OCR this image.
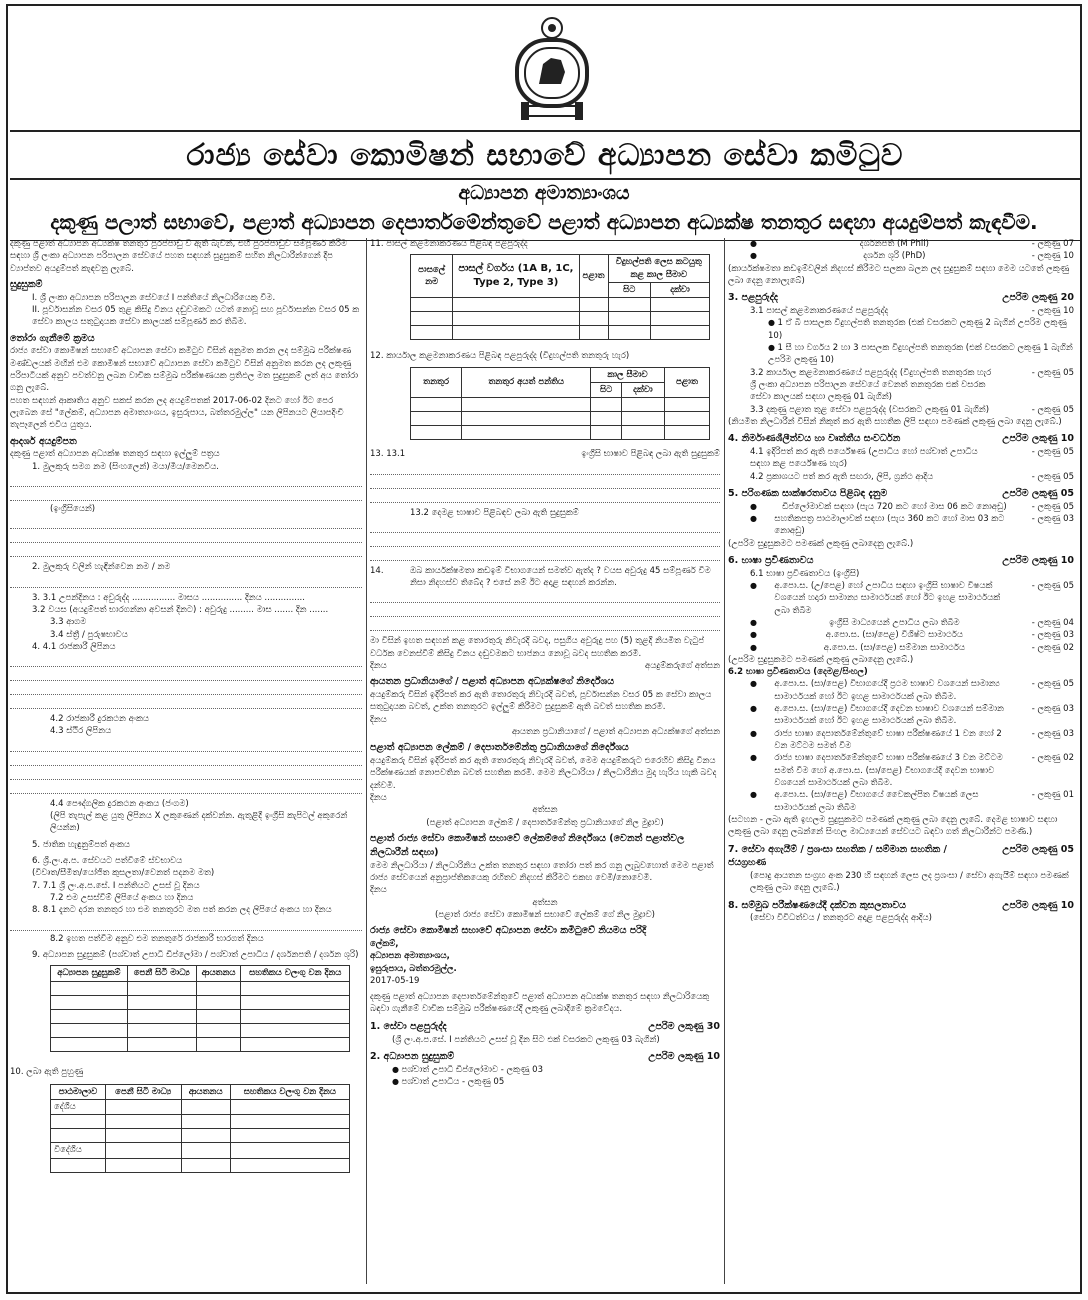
රාජ්‍ය සේවා කොමිෂන් සභාවේ අධ්‍යාපන සේවා කමිටුව
අධ්‍යාපන අමාත්‍යාංශය
දකුණු පලාත් සභාවේ, පළාත් අධ්‍යාපන දෙපාර්තමේන්තුවේ පළාත් අධ්‍යාපන අධ්‍යක්ෂ තනතුර සඳහා අයදුම්පත් කැඳවීම.
දකුණු පළාත් අධ්‍යාපන අධ්‍යක්ෂ තනතුර පුරප්පාඩු වී ඇති බැවින්, එහි පුරප්පාඩුව සම්පූර්ණ කිරීම සඳහා ශ්‍රී ලංකා අධ්‍යාපන පරිපාලන සේවයේ පහත සඳහන් සුදුසුකම් සහිත නිලධාරීන්ගෙන් දීප ව්‍යාප්තව අයදුම්පත් කැඳවනු ලැබේ.
සුදුසුකම්
I. ශ්‍රී ලංකා අධ්‍යාපන පරිපාලන සේවයේ I පන්තියේ නිලධාරියෙකු වීම.
II. පූර්වාසන්න වසර 05 තුළ කිසිදු විනය දඬුවමකට යටත් නොවූ සහ පූර්වාසන්න වසර 05 ක සේවා කාලය සතුටුදායක සේවා කාලයක් සම්පූර්ණ කර තිබීම.
තෝරා ගැනීමේ ක්‍රමය
රාජ්‍ය සේවා කොමිෂන් සභාවේ අධ්‍යාපන සේවා කමිටුව විසින් අනුමත කරන ලද සම්මුඛ පරීක්ෂණ මණ්ඩලයක් මඟින් එම කොමිෂන් සභාවේ අධ්‍යාපන සේවා කමිටුව විසින් අනුමත කරන ලද ලකුණු පරිපාටියක් අනුව පවත්වනු ලබන වාචික සම්මුඛ පරීක්ෂණයක ප්‍රතිඵල මත සුදුසුකම් ලත් අය තෝරා ගනු ලැබේ.
පහත සඳහන් ආකෘතිය අනුව සකස් කරන ලද අයදුම්පතක් 2017-06-02 දිනට හෝ ඊට පෙර ලැබෙන සේ "ලේකම්, අධ්‍යාපන අමාත්‍යාංශය, ඉසුරුපාය, බත්තරමුල්ල" යන ලිපිනයට ලියාපදිංචි තැපෑලෙන් එවිය යුතුය.
ආදර්ශ අයදුම්පත
දකුණු පළාත් අධ්‍යාපන අධ්‍යක්ෂ තනතුර සඳහා ඉල්ලුම් පත්‍රය
1. මුලකුරු සමග නම (සිංහලෙන්) මයා/මිය/මෙනවිය.
(ඉංග්‍රීසියෙන්)
2. මුලකුරු වලින් හැඳින්වෙන නම / නම
3. 3.1 උපන්දිනය : අවුරුද්ද ................ මාසය ............... දිනය ...............
3.2 වයස (අයදුම්පත් භාරගන්නා අවසන් දිනට) : අවුරුදු ......... මාස ....... දින .......
3.3 ආගම
3.4 ස්ත්‍රී / පුරුෂභාවය
4. 4.1 රාජකාරී ලිපිනය
4.2 රාජකාරී දුරකථන අංකය
4.3 ස්ථිර ලිපිනය
4.4 පෞද්ගලික දුරකථන අංකය (ජංගම)
(ලිපි තැපැල් කළ යුතු ලිපිනය X ලකුණෙන් දක්වන්න. ඇතුළිදී ඉංග්‍රීසි කැපිටල් අකුරෙන් ලියන්න)
5. ජාතික හැඳුනුම්පත් අංකය
6. ශ්‍රී.ලං.අ.ප. සේවයට පත්වීමේ ස්වභාවය
(විවෘත/සීමිත/යෝජිත කුසලතා/වෙනත් පදනම මත)
7. 7.1 ශ්‍රී ලං.අ.ප.සේ. I පන්තියට උසස් වූ දිනය
7.2 එම උසස්වීම් ලිපියේ අංකය හා දිනය
8. 8.1 දැනට දරන තනතුර හා එම තනතුරට මත පත් කරන ලද ලිපියේ අංකය හා දිනය
8.2 ඉහත පත්වීම අනුව එම තනතුරේ රාජකාරී භාරගත් දිනය
9. අධ්‍යාපන සුදුසුකම් (පශ්චාත් උපාධි ඩිප්ලෝමා / පශ්චාත් උපාධිය / දර්ශනපති / දර්ශන ශූරි)
අධ්‍යාපන සුදුසුකම්	පෙනී සිටි මාධ්‍ය	ආයතනය	සහතිකය වලංගු වන දිනය

10. ලබා ඇති පුහුණු
පාඨමාලාව	පෙනී සිටි මාධ්‍ය	ආයතනය	සහතිකය වලංගු වන දිනය
දේශීය			

විදේශීය			

11. පාසල් කළමනාකරණය පිළිබඳ පළපුරුද්ද
පාසලේ නම	පාසල් වර්ගය (1A B, 1C, Type 2, Type 3)	පළාත	විදුහල්පති ලෙස කටයුතු කළ කාල සීමාව	
			සිට	දක්වා

12. කාර්යාල කළමනාකරණය පිළිබඳ පළපුරුද්ද (විදුහල්පති තනතුරු හැර)
තනතුර	තනතුර අයත් පන්තිය	කාල සීමාව		පළාත
		සිට	දක්වා	

13. 13.1	ඉංග්‍රීසි භාෂාව පිළිබඳ ලබා ඇති සුදුසුකම්
13.2 දෙමළ භාෂාව පිළිබඳව ලබා ඇති සුදුසුකම්
14.	ඔබ කාර්යක්ෂමතා කඩඉම් විභාගයෙන් සමත්ව ඇත්ද ? වයස අවුරුදු 45 සම්පූර්ණ වීම නිසා නිදහස්ව තිබේද ? එසේ නම් ඊට අදාළ සඳහන් කරන්න.
මා විසින් ඉහත සඳහන් කළ තොරතුරු නිවැරදි බවද, පසුගිය අවුරුදු පහ (5) තුළදී නියමිත වැටුප් වර්ධක වෙනස්වීම් කිසිදු විනය දඬුවමකට භාජනය නොවූ බවද සහතික කරමි.
දිනය	අයදුම්කරුගේ අත්සන
ආයතන ප්‍රධානියාගේ / පළාත් අධ්‍යාපන අධ්‍යක්ෂගේ නිර්දේශය
අයදුම්කරු විසින් ඉදිරිපත් කර ඇති තොරතුරු නිවැරදි බවත්, පූර්වාසන්න වසර 05 ක සේවා කාලය සතුටුදායක බවත්, උක්ත තනතුරට ඉල්ලුම් කිරීමට සුදුසුකම් ඇති බවත් සහතික කරමි.
දිනය
ආයතන ප්‍රධානියාගේ / පළාත් අධ්‍යාපන අධ්‍යක්ෂගේ අත්සන
පළාත් අධ්‍යාපන ලේකම් / දෙපාර්තමේන්තු ප්‍රධානියාගේ නිර්දේශය
අයදුම්කරු විසින් ඉදිරිපත් කර ඇති තොරතුරු නිවැරදි බවත්, මෙම අයදුම්කරුට එරෙහිව කිසිදු විනය පරීක්ෂණයක් නොපවතින බවත් සහතික කරමි. මෙම නිලධාරියා / නිලධාරිනිය මුදා හැරිය හැකි බවද දන්වමි.
දිනය
අත්සන
(පළාත් අධ්‍යාපන ලේකම් / දෙපාර්තමේන්තු ප්‍රධානියාගේ නිල මුද්‍රාව)
පළාත් රාජ්‍ය සේවා කොමිෂන් සභාවේ ලේකම්ගේ නිර්දේශය (වෙනත් පළාත්වල නිලධාරීන් සඳහා)
මෙම නිලධාරියා / නිලධාරිනිය උක්ත තනතුර සඳහා තෝරා පත් කර ගනු ලැබුවහොත් මෙම පළාත් රාජ්‍ය සේවයෙන් අනුප්‍රාප්තිකයෙකු රහිතව නිදහස් කිරීමට එකඟ වෙමි/නොවෙමි.
දිනය
අත්සන
(පළාත් රාජ්‍ය සේවා කොමිෂන් සභාවේ ලේකම් ගේ නිල මුද්‍රාව)
රාජ්‍ය සේවා කොමිෂන් සභාවේ අධ්‍යාපන සේවා කමිටුවේ නියමය පරිදි
ලේකම්,
අධ්‍යාපන අමාත්‍යාංශය,
ඉසුරුපාය, බත්තරමුල්ල.
2017-05-19
දකුණු පළාත් අධ්‍යාපන දෙපාර්තමේන්තුවේ පළාත් අධ්‍යාපන අධ්‍යක්ෂ තනතුර සඳහා නිලධාරියෙකු බඳවා ගැනීමේ වාචික සම්මුඛ පරීක්ෂණයේදී ලකුණු ලබාදීමේ ක්‍රමවේදය.
1. සේවා පළපුරුද්ද	උපරිම ලකුණු 30
(ශ්‍රී ලං.අ.ප.සේ. I පන්තියට උසස් වූ දින සිට එක් වසරකට ලකුණු 03 බැගින්)
2. අධ්‍යාපන සුදුසුකම්	උපරිම ලකුණු 10
● පශ්චාත් උපාධි ඩිප්ලෝමාව - ලකුණු 03
● පශ්චාත් උපාධිය - ලකුණු 05
● දර්ශනපති (M Phil)	- ලකුණු 07
● දර්ශන ශූරි (PhD)	- ලකුණු 10
(කාර්යක්ෂමතා කඩඉම්වලින් නිදහස් කිරීමට සලකා බලන ලද සුදුසුකම් සඳහා මෙම යටතේ ලකුණු ලබා දෙනු නොලැබේ)
3. පළපුරුද්ද	උපරිම ලකුණු 20
3.1 පාසල් කළමනාකරණයේ පළපුරුද්ද	- ලකුණු 10
● 1 ඒ බී පාසලක විදුහල්පති තනතුරක (එක් වසරකට ලකුණු 2 බැගින් උපරිම ලකුණු 10)
● 1 සී හා වර්ගය 2 හා 3 පාසලක විදුහල්පති තනතුරක (එක් වසරකට ලකුණු 1 බැගින් උපරිම ලකුණු 10)
3.2 කාර්යාල කළමනාකරණයේ පළපුරුද්ද (විදුහල්පති තනතුරක හැර ශ්‍රී ලංකා අධ්‍යාපන පරිපාලන සේවයේ වෙනත් තනතුරක එක් වසරක සේවා කාලයක් සඳහා ලකුණු 01 බැගින්)
- ලකුණු 05
3.3 දකුණු පළාත තුළ සේවා පළපුරුද්ද (වසරකට ලකුණු 01 බැගින්)	- ලකුණු 05
(නියමිත නිලධාරීන් විසින් නිකුත් කර ඇති සහතික ලිපි සඳහා පමණක් ලකුණු ලබා දෙනු ලැබේ.)
4. නිර්මාණශීලීත්වය හා වෘත්තීය සංවර්ධන	උපරිම ලකුණු 10
4.1 ඉදිරිපත් කර ඇති පර්යේෂණ (උපාධිය හෝ පශ්චාත් උපාධිය සඳහා කළ පර්යේෂණ හැර)
- ලකුණු 05
4.2 ප්‍රකාශයට පත් කර ඇති සඟරා, ලිපි, ග්‍රන්ථ ආදිය	- ලකුණු 05
5. පරිගණක සාක්ෂරතාවය පිළිබඳ දැනුම	උපරිම ලකුණු 05
● ඩිප්ලෝමාවක් සඳහා (පැය 720 කට හෝ මාස 06 කට නොඅඩු)	- ලකුණු 05
● සහතිකපත්‍ර පාඨමාලාවක් සඳහා (පැය 360 කට හෝ මාස 03 කට නොඅඩු)
- ලකුණු 03
(උපරිම සුදුසුකමට පමණක් ලකුණු ලබාදෙනු ලැබේ.)
6. භාෂා ප්‍රවීණතාවය	උපරිම ලකුණු 10
6.1 භාෂා ප්‍රවීණතාවය (ඉංග්‍රීසි)
● අ.පො.ස. (උ/පෙළ) හෝ උපාධිය සඳහා ඉංග්‍රීසි භාෂාව විෂයක් වශයෙන් හදාරා සාමාන්‍ය සාමාර්ථයක් හෝ ඊට ඉහළ සාමාර්ථයක් ලබා තිබීම
- ලකුණු 05
● ඉංග්‍රීසි මාධ්‍යයෙන් උපාධිය ලබා තිබීම	- ලකුණු 04
● අ.පො.ස. (සා/පෙළ) විශිෂ්ට සාමාර්ථය	- ලකුණු 03
● අ.පො.ස. (සා/පෙළ) සම්මාන සාමාර්ථය	- ලකුණු 02
(උපරිම සුදුසුකමට පමණක් ලකුණු ලබාදෙනු ලැබේ.)
6.2 භාෂා ප්‍රවීණතාවය (දෙමළ/සිංහල)
● අ.පො.ස. (සා/පෙළ) විභාගයේදී ප්‍රථම භාෂාව වශයෙන් සාමාන්‍ය සාමාර්ථයක් හෝ ඊට ඉහළ සාමාර්ථයක් ලබා තිබීම.
- ලකුණු 05
● අ.පො.ස. (සා/පෙළ) විභාගයේදී දෙවන භාෂාව වශයෙන් සම්මාන සාමාර්ථයක් හෝ ඊට ඉහළ සාමාර්ථයක් ලබා තිබීම.
- ලකුණු 03
● රාජ්‍ය භාෂා දෙපාර්තමේන්තුවේ භාෂා පරීක්ෂණයේ 1 වන හෝ 2 වන මට්ටම සමත් වීම
- ලකුණු 03
● රාජ්‍ය භාෂා දෙපාර්තමේන්තුවේ භාෂා පරීක්ෂණයේ 3 වන මට්ටම සමත් වීම හෝ අ.පො.ස. (සා/පෙළ) විභාගයේදී දෙවන භාෂාව වශයෙන් සාමාර්ථයක් ලබා තිබීම.
- ලකුණු 02
● අ.පො.ස. (සා/පෙළ) විභාගයේ වෛකල්පිත විෂයක් ලෙස සාමාර්ථයක් ලබා තිබීම
- ලකුණු 01
(සටහන - ලබා ඇති ඉහලම සුදුසුකමට පමණක් ලකුණු ලබා දෙනු ලැබේ. දෙමළ භාෂාව සඳහා ලකුණු ලබා දෙනු ලබන්නේ සිංහල මාධ්‍යයෙන් සේවයට බඳවා ගත් නිලධාරීන්ට පමණි.)
7. සේවා අගැයීම් / ප්‍රශංසා සහතික / සම්මාන සහතික / ජයග්‍රහණ
උපරිම ලකුණු 05
(පොදු ආයතන සංග්‍රහ අංක 230 හි සඳහන් ලෙස ලද ප්‍රශංසා / සේවා අගැයීම් සඳහා පමණක් ලකුණු ලබා දෙනු ලැබේ.)
8. සම්මුඛ පරීක්ෂණයේදී දක්වන කුසලතාවය	උපරිම ලකුණු 10
(සේවා විවිධත්වය / තනතුරට අදාළ පළපුරුද්ද ආදිය)
